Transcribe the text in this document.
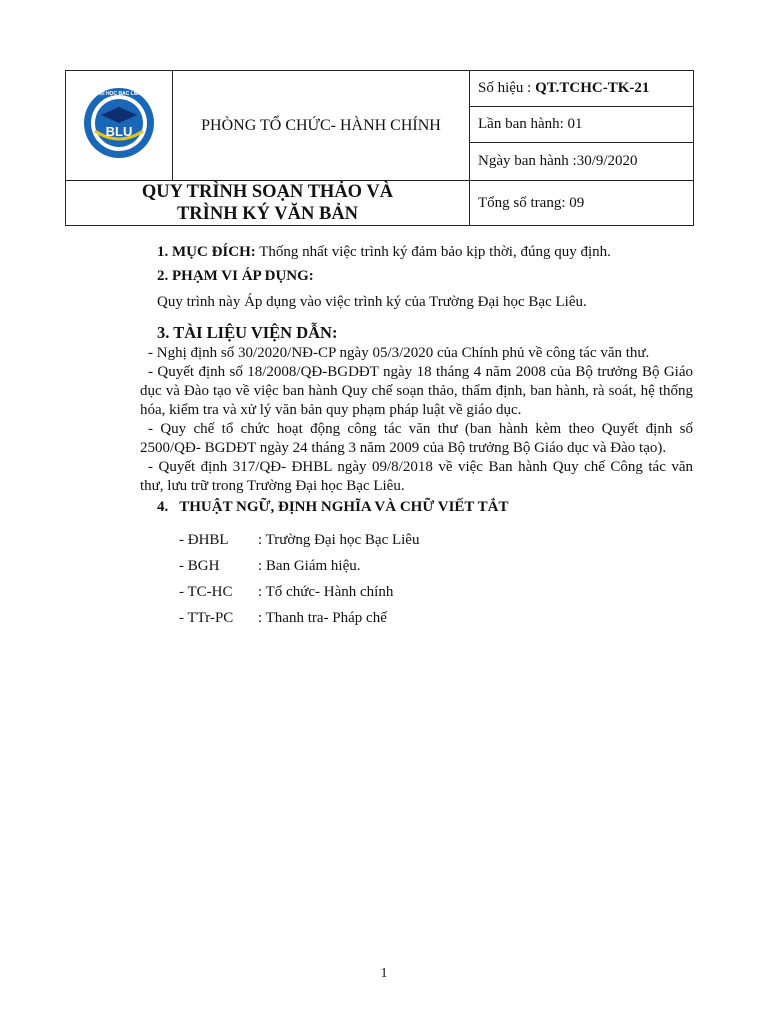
BLU
ĐẠI HỌC BẠC LIÊU	PHÒNG TỔ CHỨC- HÀNH CHÍNH	Số hiệu : QT.TCHC-TK-21
		Lần ban hành: 01
		Ngày ban hành :30/9/2020

QUY TRÌNH SOẠN THẢO VÀ
TRÌNH KÝ VĂN BẢN		Tổng số trang: 09

1. MỤC ĐÍCH: Thống nhất việc trình ký đảm bảo kịp thời, đúng quy định.

2. PHẠM VI ÁP DỤNG:

Quy trình này Áp dụng vào việc trình ký của Trường Đại học Bạc Liêu.

3. TÀI LIỆU VIỆN DẪN:

- Nghị định số 30/2020/NĐ-CP ngày 05/3/2020 của Chính phủ về công tác văn thư.

- Quyết định số 18/2008/QĐ-BGDĐT ngày 18 tháng 4 năm 2008 của Bộ trưởng Bộ Giáo dục và Đào tạo về việc ban hành Quy chế soạn thảo, thẩm định, ban hành, rà soát, hệ thống hóa, kiểm tra và xử lý văn bản quy phạm pháp luật về giáo dục.

- Quy chế tổ chức hoạt động công tác văn thư (ban hành kèm theo Quyết định số 2500/QĐ- BGDĐT ngày 24 tháng 3 năm 2009 của Bộ trưởng Bộ Giáo dục và Đào tạo).

- Quyết định 317/QĐ- ĐHBL ngày 09/8/2018 về việc Ban hành Quy chế Công tác văn thư, lưu trữ trong Trường Đại học Bạc Liêu.

4.   THUẬT NGỮ, ĐỊNH NGHĨA VÀ CHỮ VIẾT TẮT

- ĐHBL	: Trường Đại học Bạc Liêu
- BGH	: Ban Giám hiệu.
- TC-HC	: Tổ chức- Hành chính
- TTr-PC	: Thanh tra- Pháp chế
1
